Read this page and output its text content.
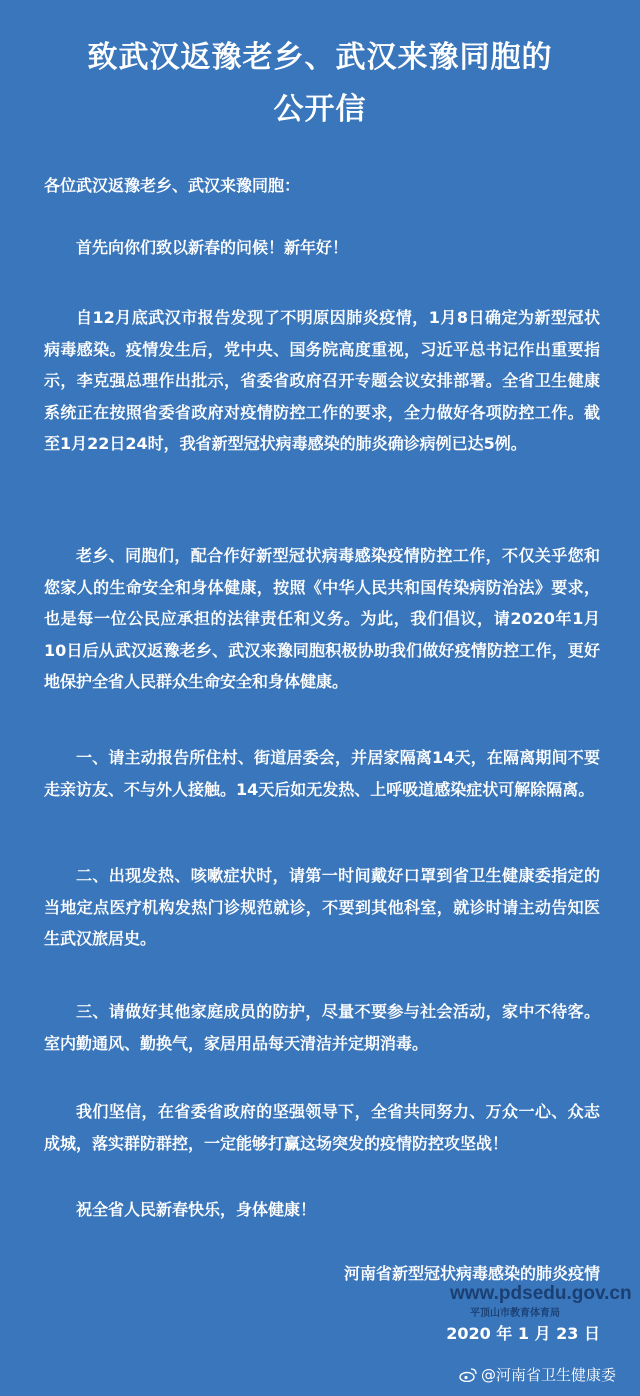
致武汉返豫老乡、武汉来豫同胞的
公开信
各位武汉返豫老乡、武汉来豫同胞：
首先向你们致以新春的问候！新年好！
自12月底武汉市报告发现了不明原因肺炎疫情，1月8日确定为新型冠状病毒感染。疫情发生后，党中央、国务院高度重视，习近平总书记作出重要指示，李克强总理作出批示，省委省政府召开专题会议安排部署。全省卫生健康系统正在按照省委省政府对疫情防控工作的要求，全力做好各项防控工作。截至1月22日24时，我省新型冠状病毒感染的肺炎确诊病例已达5例。
老乡、同胞们，配合作好新型冠状病毒感染疫情防控工作，不仅关乎您和您家人的生命安全和身体健康，按照《中华人民共和国传染病防治法》要求，也是每一位公民应承担的法律责任和义务。为此，我们倡议，请2020年1月10日后从武汉返豫老乡、武汉来豫同胞积极协助我们做好疫情防控工作，更好地保护全省人民群众生命安全和身体健康。
一、请主动报告所住村、街道居委会，并居家隔离14天，在隔离期间不要走亲访友、不与外人接触。14天后如无发热、上呼吸道感染症状可解除隔离。
二、出现发热、咳嗽症状时，请第一时间戴好口罩到省卫生健康委指定的当地定点医疗机构发热门诊规范就诊，不要到其他科室，就诊时请主动告知医生武汉旅居史。
三、请做好其他家庭成员的防护，尽量不要参与社会活动，家中不待客。室内勤通风、勤换气，家居用品每天清洁并定期消毒。
我们坚信，在省委省政府的坚强领导下，全省共同努力、万众一心、众志成城，落实群防群控，一定能够打赢这场突发的疫情防控攻坚战！
祝全省人民新春快乐，身体健康！
河南省新型冠状病毒感染的肺炎疫情
www.pdsedu.gov.cn
平顶山市教育体育局
2020 年 1 月 23 日
@河南省卫生健康委
